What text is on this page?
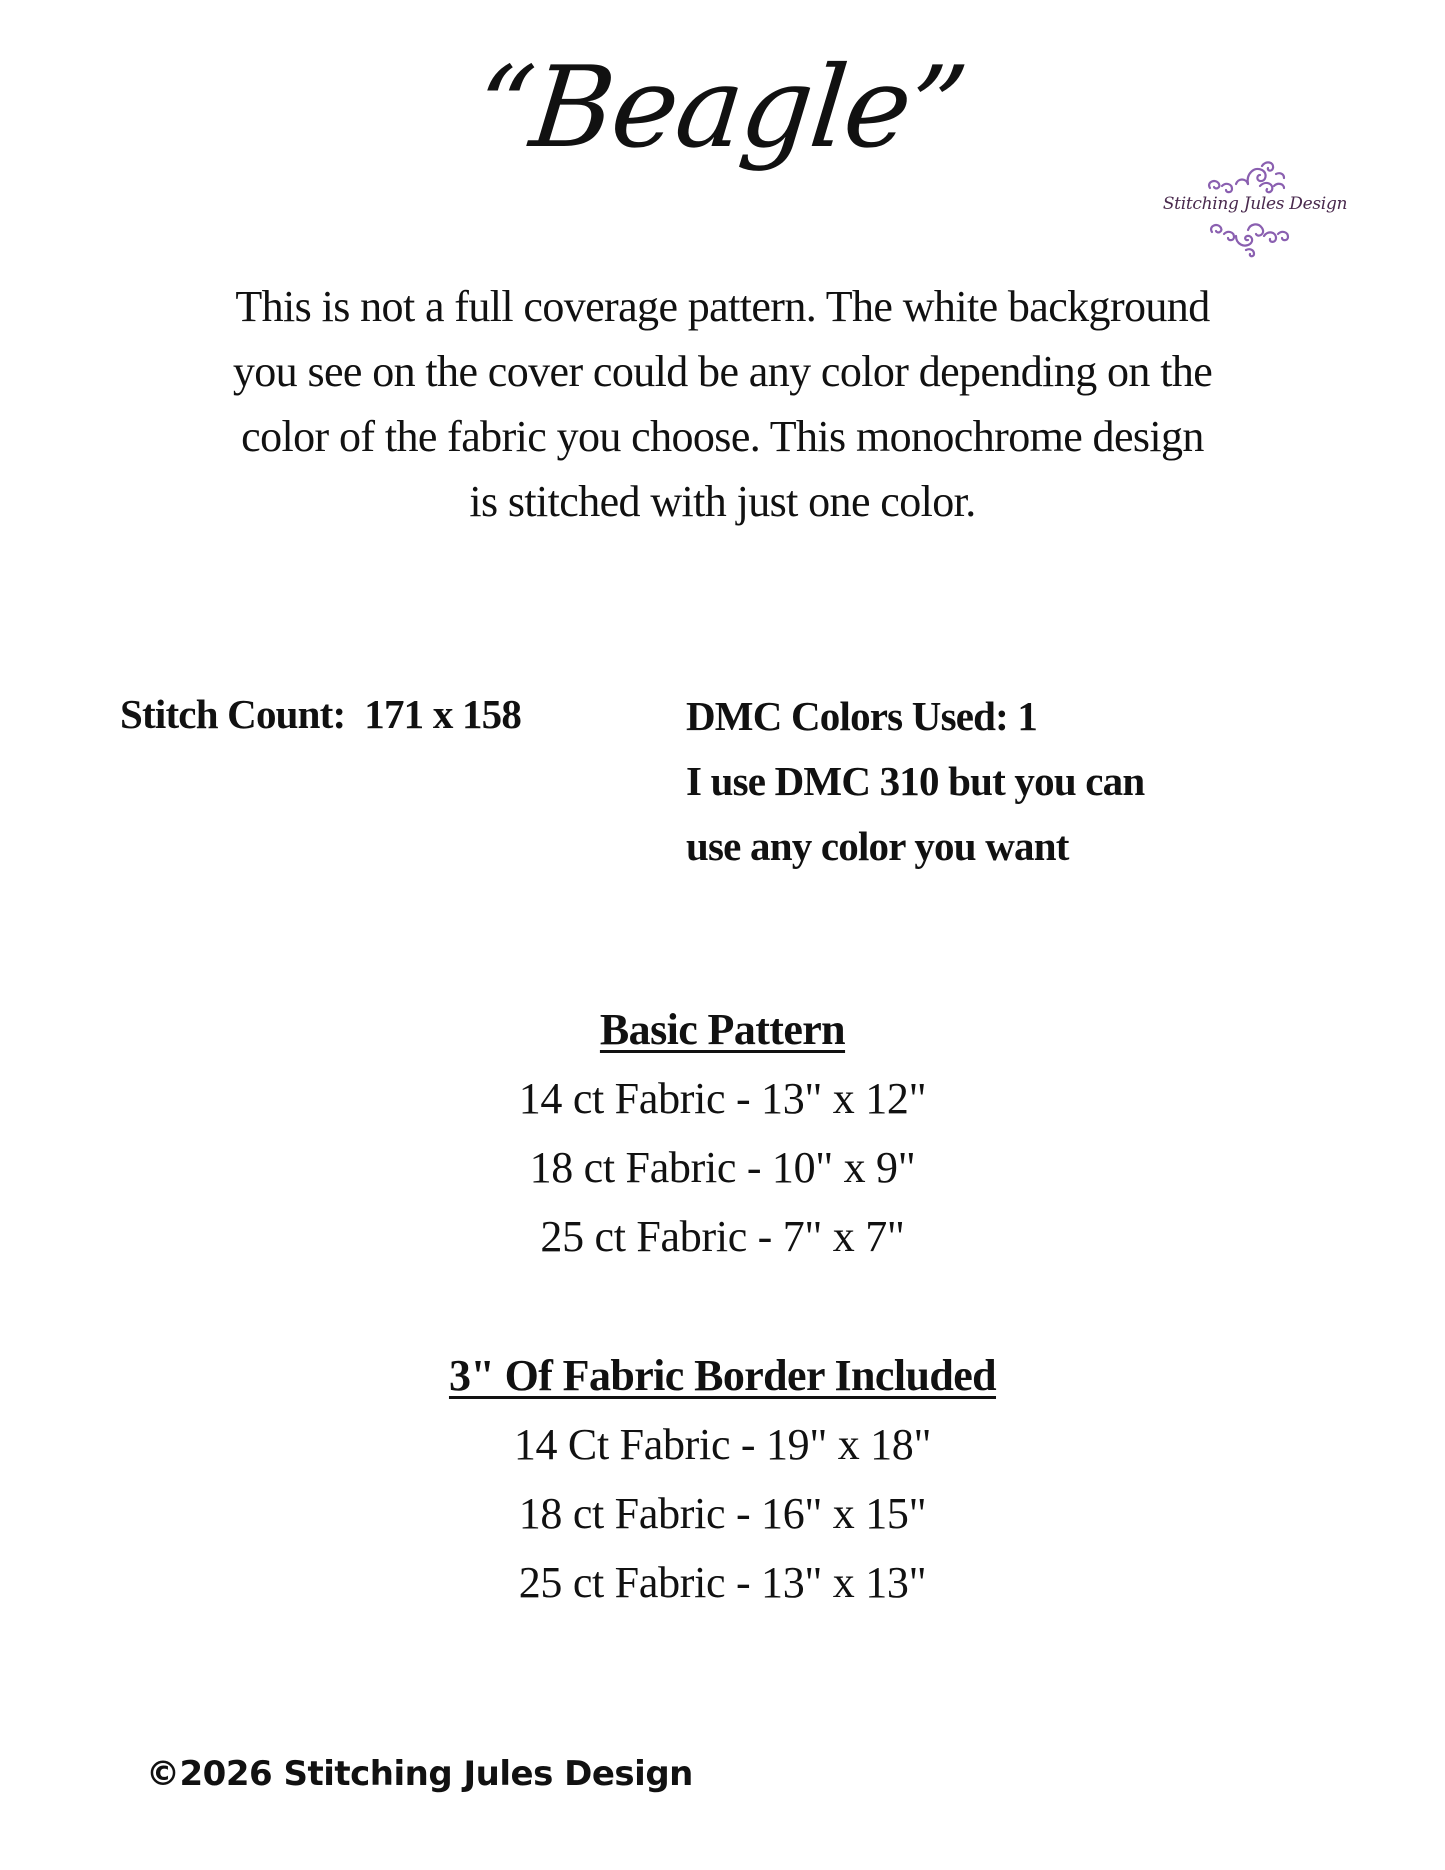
“Beagle”
Stitching Jules Design
This is not a full coverage pattern. The white background
you see on the cover could be any color depending on the
color of the fabric you choose. This monochrome design
is stitched with just one color.
Stitch Count: 171 x 158	DMC Colors Used: 1
I use DMC 310 but you can
use any color you want
Basic Pattern
14 ct Fabric - 13" x 12"
18 ct Fabric - 10" x 9"
25 ct Fabric - 7" x 7"
3" Of Fabric Border Included
14 Ct Fabric - 19" x 18"
18 ct Fabric - 16" x 15"
25 ct Fabric - 13" x 13"
©2026 Stitching Jules Design
